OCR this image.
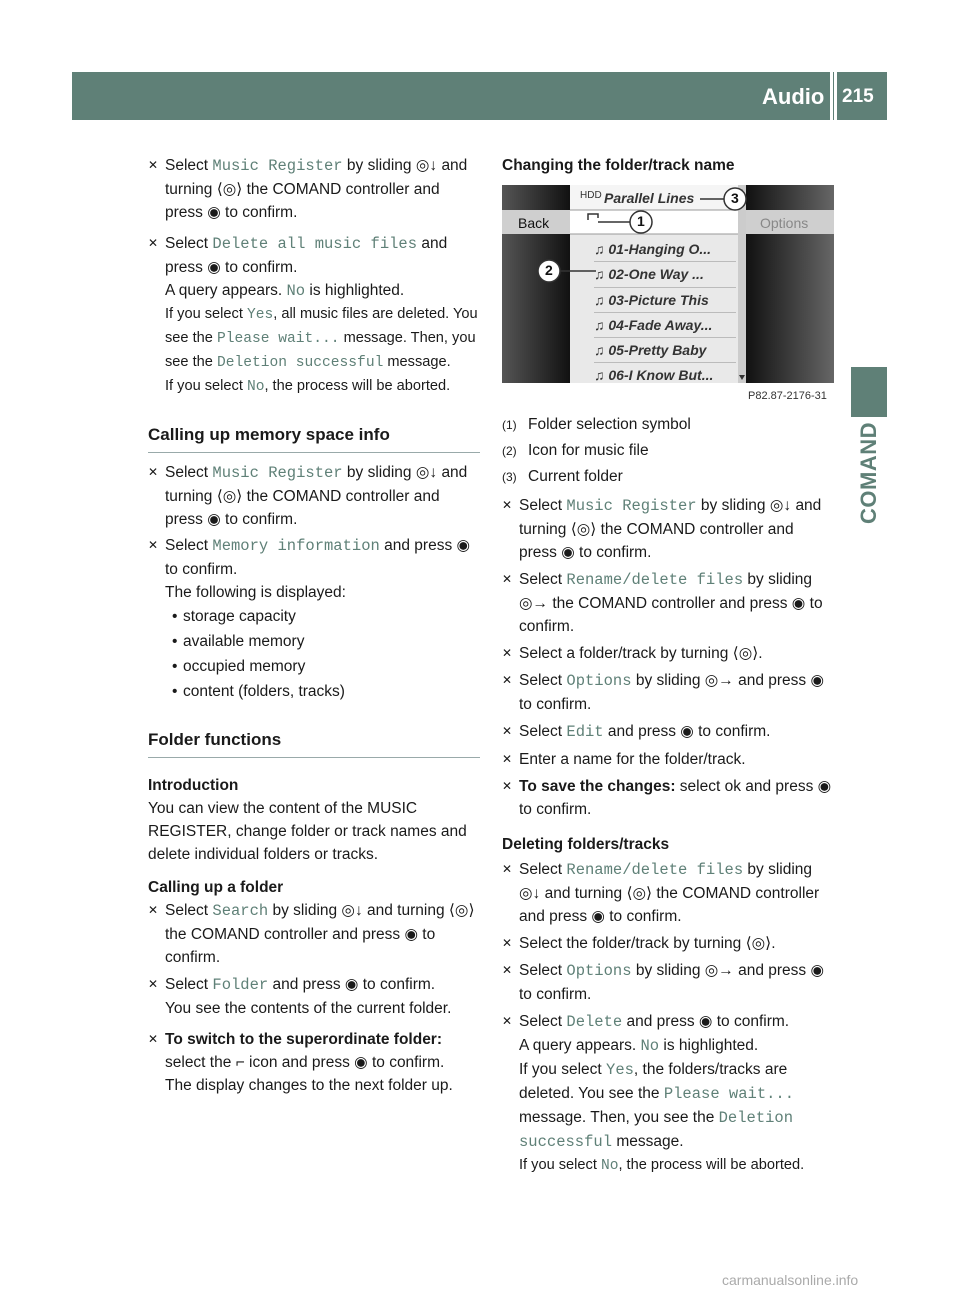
Audio 215
COMAND

✕ Select Music Register by sliding ◎↓ and turning ⟨◎⟩ the COMAND controller and press ◉ to confirm.

✕ Select Delete all music files and press ◉ to confirm.

A query appears. No is highlighted.

If you select Yes, all music files are deleted. You see the Please wait... message. Then, you see the Deletion successful message.

If you select No, the process will be aborted.

Calling up memory space info

✕ Select Music Register by sliding ◎↓ and turning ⟨◎⟩ the COMAND controller and press ◉ to confirm.

✕ Select Memory information and press ◉ to confirm.

The following is displayed:

• storage capacity
• available memory
• occupied memory
• content (folders, tracks)

Folder functions

Introduction

You can view the content of the MUSIC REGISTER, change folder or track names and delete individual folders or tracks.

Calling up a folder

✕ Select Search by sliding ◎↓ and turning ⟨◎⟩ the COMAND controller and press ◉ to confirm.

✕ Select Folder and press ◉ to confirm.

You see the contents of the current folder.

✕ To switch to the superordinate folder:

select the ⌐ icon and press ◉ to confirm.

The display changes to the next folder up.

Changing the folder/track name

Back	Options
HDD Parallel Lines
1
2
3
♫ 01-Hanging O...
♫ 02-One Way ...
♫ 03-Picture This
♫ 04-Fade Away...
♫ 05-Pretty Baby
♫ 06-I Know But...
P82.87-2176-31
(1) Folder selection symbol
(2) Icon for music file
(3) Current folder

✕ Select Music Register by sliding ◎↓ and turning ⟨◎⟩ the COMAND controller and press ◉ to confirm.

✕ Select Rename/delete files by sliding ◎→ the COMAND controller and press ◉ to confirm.

✕ Select a folder/track by turning ⟨◎⟩.

✕ Select Options by sliding ◎→ and press ◉ to confirm.

✕ Select Edit and press ◉ to confirm.

✕ Enter a name for the folder/track.

✕ To save the changes: select ok and press ◉ to confirm.

Deleting folders/tracks

✕ Select Rename/delete files by sliding ◎↓ and turning ⟨◎⟩ the COMAND controller and press ◉ to confirm.

✕ Select the folder/track by turning ⟨◎⟩.

✕ Select Options by sliding ◎→ and press ◉ to confirm.

✕ Select Delete and press ◉ to confirm.

A query appears. No is highlighted.

If you select Yes, the folders/tracks are deleted. You see the Please wait... message. Then, you see the Deletion successful message.

If you select No, the process will be aborted.

carmanualsonline.info
